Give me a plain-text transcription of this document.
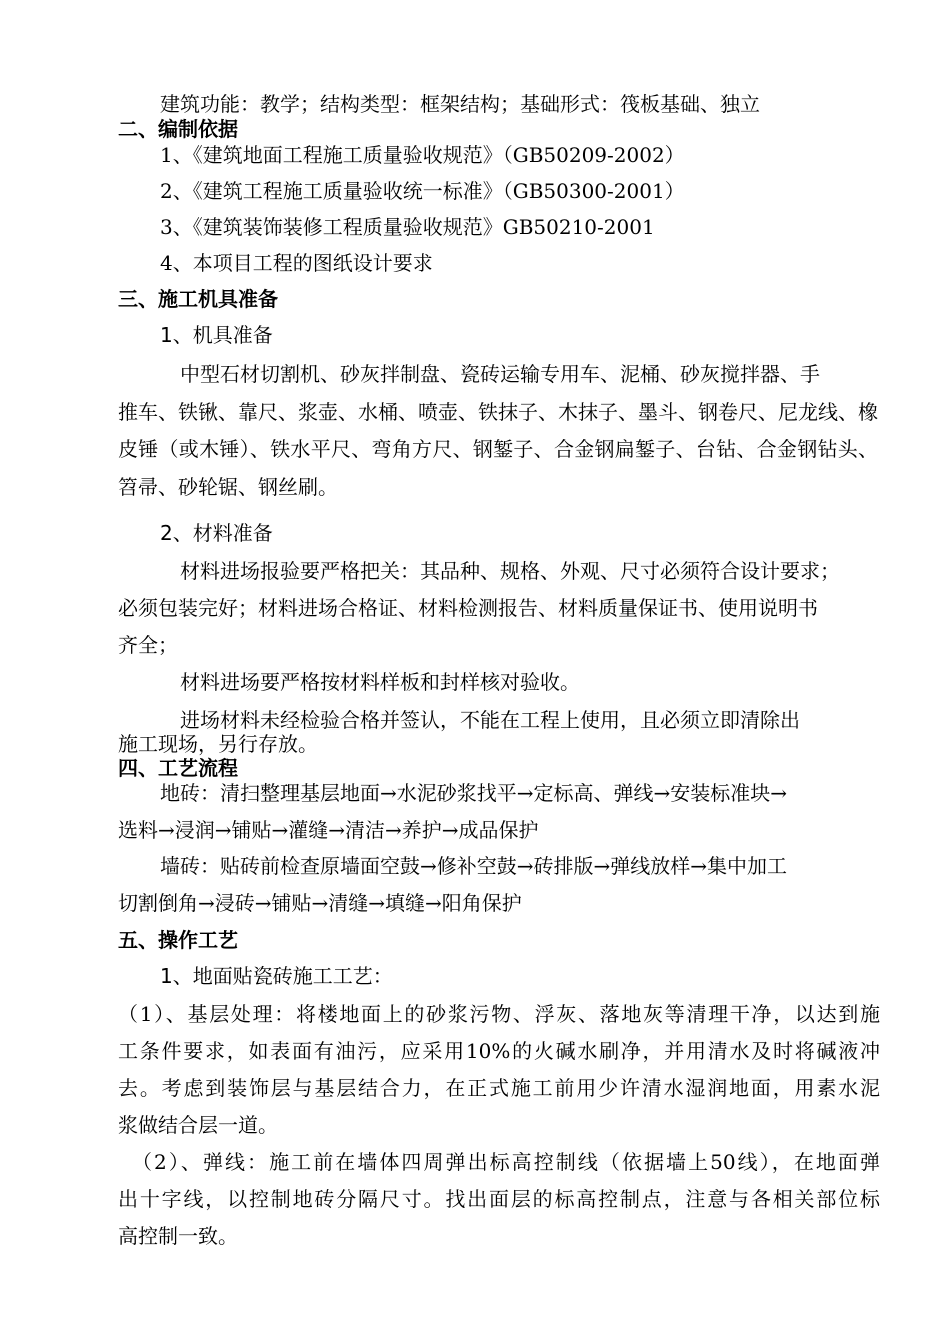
建筑功能：教学；结构类型：框架结构；基础形式：筏板基础、独立
二、编制依据
1、《建筑地面工程施工质量验收规范》（GB50209-2002）
2、《建筑工程施工质量验收统一标准》（GB50300-2001）
3、《建筑装饰装修工程质量验收规范》GB50210-2001
4、本项目工程的图纸设计要求
三、施工机具准备
1、机具准备
中型石材切割机、砂灰拌制盘、瓷砖运输专用车、泥桶、砂灰搅拌器、手
推车、铁锹、靠尺、浆壶、水桶、喷壶、铁抹子、木抹子、墨斗、钢卷尺、尼龙线、橡
皮锤（或木锤）、铁水平尺、弯角方尺、钢錾子、合金钢扁錾子、台钻、合金钢钻头、
笤帚、砂轮锯、钢丝刷。
2、材料准备
材料进场报验要严格把关：其品种、规格、外观、尺寸必须符合设计要求；
必须包装完好；材料进场合格证、材料检测报告、材料质量保证书、使用说明书
齐全；
材料进场要严格按材料样板和封样核对验收。
进场材料未经检验合格并签认，不能在工程上使用，且必须立即清除出
施工现场，另行存放。
四、工艺流程
地砖：清扫整理基层地面→水泥砂浆找平→定标高、弹线→安装标准块→
选料→浸润→铺贴→灌缝→清洁→养护→成品保护
墙砖：贴砖前检查原墙面空鼓→修补空鼓→砖排版→弹线放样→集中加工
切割倒角→浸砖→铺贴→清缝→填缝→阳角保护
五、操作工艺
1、地面贴瓷砖施工工艺：
（1）、基层处理：将楼地面上的砂浆污物、浮灰、落地灰等清理干净，以达到施
工条件要求，如表面有油污，应采用10%的火碱水刷净，并用清水及时将碱液冲
去。考虑到装饰层与基层结合力，在正式施工前用少许清水湿润地面，用素水泥
浆做结合层一道。
（2）、弹线：施工前在墙体四周弹出标高控制线（依据墙上50线），在地面弹
出十字线，以控制地砖分隔尺寸。找出面层的标高控制点，注意与各相关部位标
高控制一致。
